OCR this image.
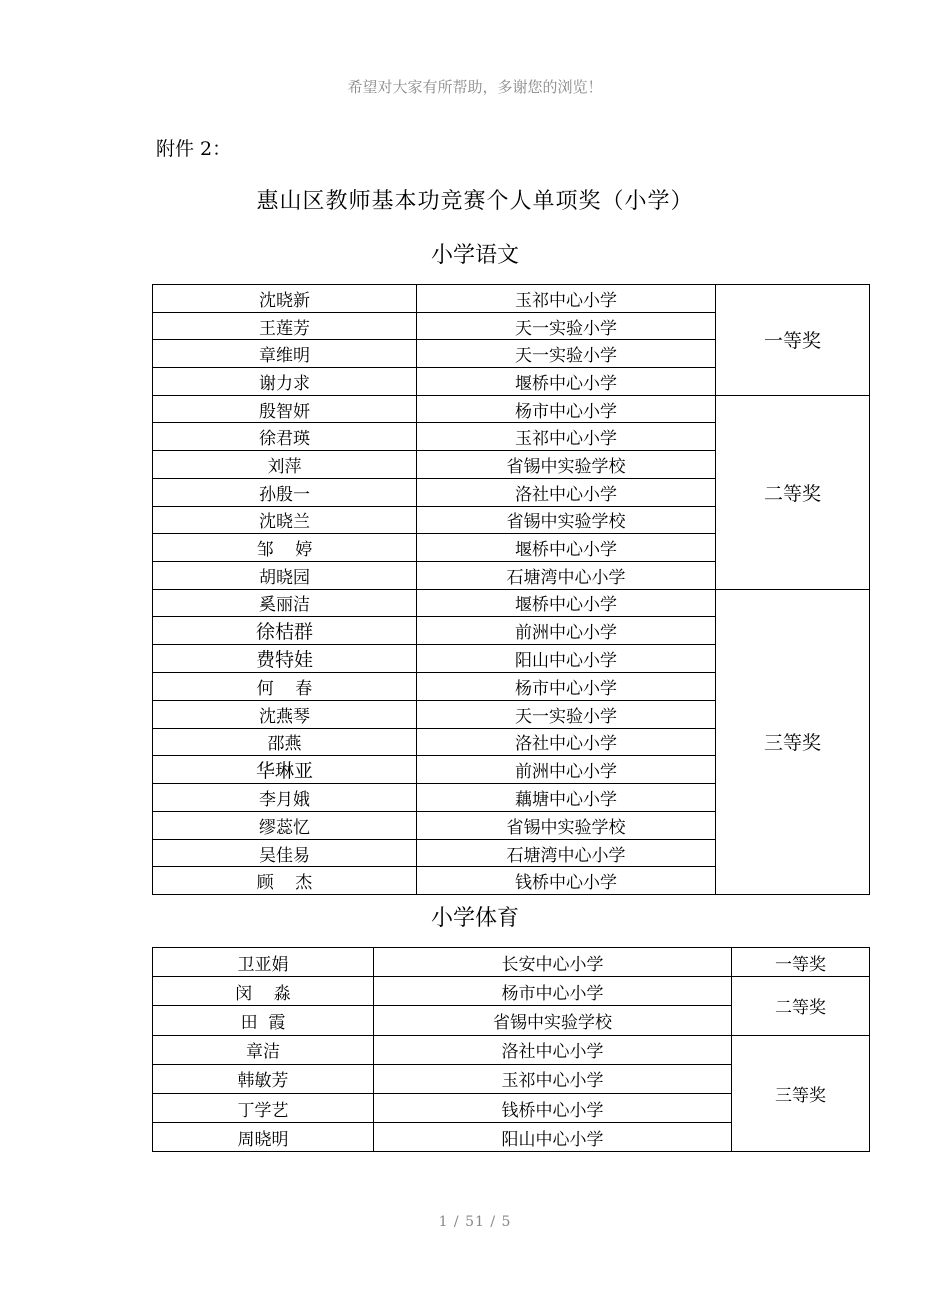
希望对大家有所帮助，多谢您的浏览！
附件 2：
惠山区教师基本功竞赛个人单项奖（小学）
小学语文
沈晓新	玉祁中心小学	一等奖
王莲芳	天一实验小学	
章维明	天一实验小学	
谢力求	堰桥中心小学	
殷智妍	杨市中心小学	二等奖
徐君瑛	玉祁中心小学	
刘萍	省锡中实验学校	
孙殷一	洛社中心小学	
沈晓兰	省锡中实验学校	
邹    婷	堰桥中心小学	
胡晓园	石塘湾中心小学	
奚丽洁	堰桥中心小学	三等奖
徐桔群	前洲中心小学	
费特娃	阳山中心小学	
何    春	杨市中心小学	
沈燕琴	天一实验小学	
邵燕	洛社中心小学	
华琳亚	前洲中心小学	
李月娥	藕塘中心小学	
缪蕊忆	省锡中实验学校	
吴佳易	石塘湾中心小学	
顾    杰	钱桥中心小学	
小学体育
卫亚娟	长安中心小学	一等奖
闵    淼	杨市中心小学	二等奖
田  霞	省锡中实验学校	
章洁	洛社中心小学	三等奖
韩敏芳	玉祁中心小学	
丁学艺	钱桥中心小学	
周晓明	阳山中心小学	
1 / 51 / 5
